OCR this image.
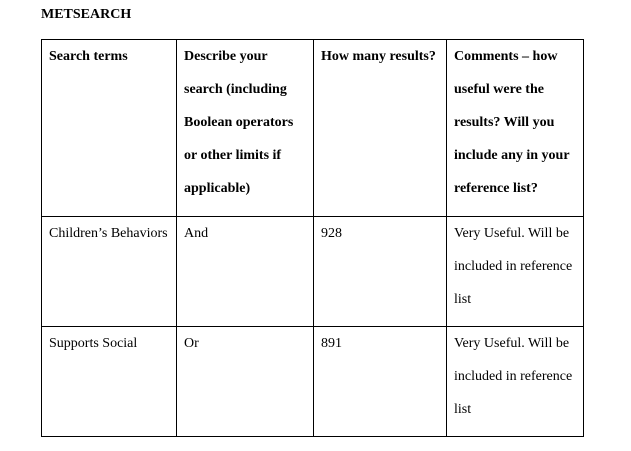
METSEARCH
Search terms	Describe your search (including Boolean operators or other limits if applicable)	How many results?	Comments – how useful were the results? Will you include any in your reference list?

Children’s Behaviors	And	928	Very Useful. Will be included in reference list

Supports Social	Or	891	Very Useful. Will be included in reference list
